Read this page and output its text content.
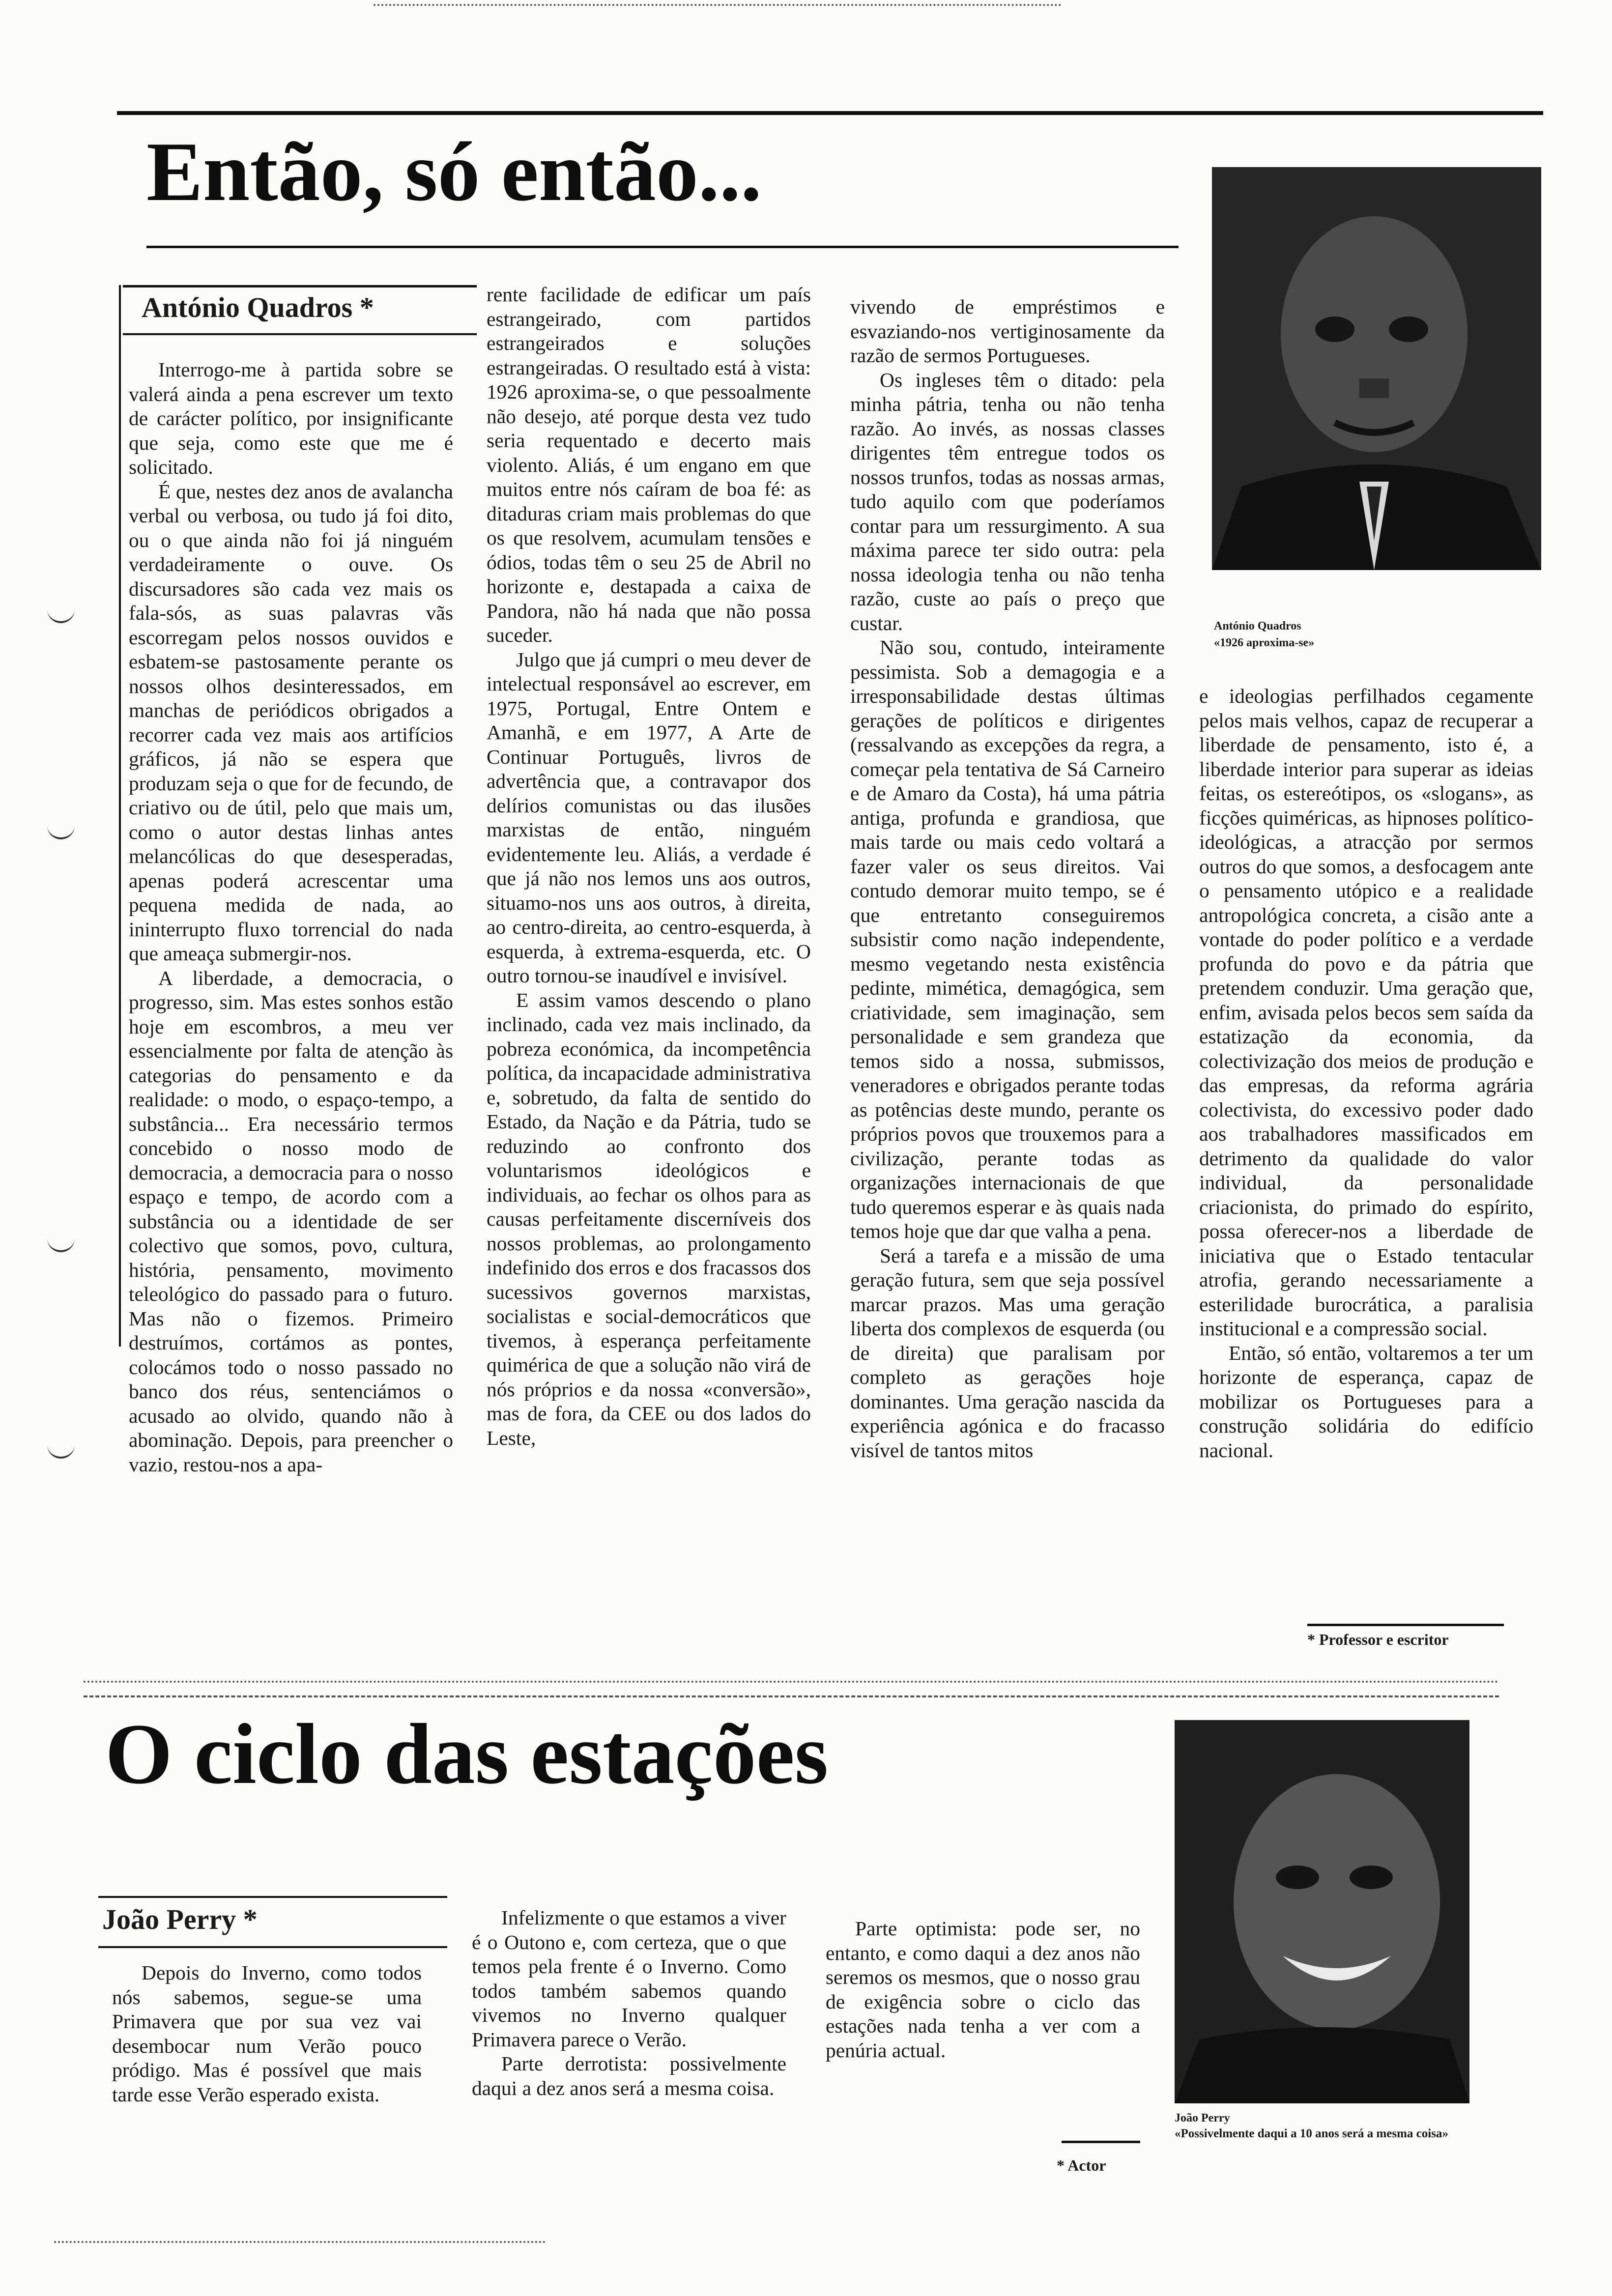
Então, só então...
António Quadros *

Interrogo-me à partida sobre se valerá ainda a pena escrever um texto de carácter político, por insignificante que seja, como este que me é solicitado.

É que, nestes dez anos de avalancha verbal ou verbosa, ou tudo já foi dito, ou o que ainda não foi já ninguém verdadeiramente o ouve. Os discursadores são cada vez mais os fala-sós, as suas palavras vãs escorregam pelos nossos ouvidos e esbatem-se pastosamente perante os nossos olhos desinteressados, em manchas de periódicos obrigados a recorrer cada vez mais aos artifícios gráficos, já não se espera que produzam seja o que for de fecundo, de criativo ou de útil, pelo que mais um, como o autor destas linhas antes melancólicas do que desesperadas, apenas poderá acrescentar uma pequena medida de nada, ao ininterrupto fluxo torrencial do nada que ameaça submergir-nos.

A liberdade, a democracia, o progresso, sim. Mas estes sonhos estão hoje em escombros, a meu ver essencialmente por falta de atenção às categorias do pensamento e da realidade: o modo, o espaço-tempo, a substância... Era necessário termos concebido o nosso modo de democracia, a democracia para o nosso espaço e tempo, de acordo com a substância ou a identidade de ser colectivo que somos, povo, cultura, história, pensamento, movimento teleológico do passado para o futuro. Mas não o fizemos. Primeiro destruímos, cortámos as pontes, colocámos todo o nosso passado no banco dos réus, sentenciámos o acusado ao olvido, quando não à abominação. Depois, para preencher o vazio, restou-nos a apa-

rente facilidade de edificar um país estrangeirado, com partidos estrangeirados e soluções estrangeiradas. O resultado está à vista: 1926 aproxima-se, o que pessoalmente não desejo, até porque desta vez tudo seria requentado e decerto mais violento. Aliás, é um engano em que muitos entre nós caíram de boa fé: as ditaduras criam mais problemas do que os que resolvem, acumulam tensões e ódios, todas têm o seu 25 de Abril no horizonte e, destapada a caixa de Pandora, não há nada que não possa suceder.

Julgo que já cumpri o meu dever de intelectual responsável ao escrever, em 1975, Portugal, Entre Ontem e Amanhã, e em 1977, A Arte de Continuar Português, livros de advertência que, a contravapor dos delírios comunistas ou das ilusões marxistas de então, ninguém evidentemente leu. Aliás, a verdade é que já não nos lemos uns aos outros, situamo-nos uns aos outros, à direita, ao centro-direita, ao centro-esquerda, à esquerda, à extrema-esquerda, etc. O outro tornou-se inaudível e invisível.

E assim vamos descendo o plano inclinado, cada vez mais inclinado, da pobreza económica, da incompetência política, da incapacidade administrativa e, sobretudo, da falta de sentido do Estado, da Nação e da Pátria, tudo se reduzindo ao confronto dos voluntarismos ideológicos e individuais, ao fechar os olhos para as causas perfeitamente discerníveis dos nossos problemas, ao prolongamento indefinido dos erros e dos fracassos dos sucessivos governos marxistas, socialistas e social-democráticos que tivemos, à esperança perfeitamente quimérica de que a solução não virá de nós próprios e da nossa «conversão», mas de fora, da CEE ou dos lados do Leste,

vivendo de empréstimos e esvaziando-nos vertiginosamente da razão de sermos Portugueses.

Os ingleses têm o ditado: pela minha pátria, tenha ou não tenha razão. Ao invés, as nossas classes dirigentes têm entregue todos os nossos trunfos, todas as nossas armas, tudo aquilo com que poderíamos contar para um ressurgimento. A sua máxima parece ter sido outra: pela nossa ideologia tenha ou não tenha razão, custe ao país o preço que custar.

Não sou, contudo, inteiramente pessimista. Sob a demagogia e a irresponsabilidade destas últimas gerações de políticos e dirigentes (ressalvando as excepções da regra, a começar pela tentativa de Sá Carneiro e de Amaro da Costa), há uma pátria antiga, profunda e grandiosa, que mais tarde ou mais cedo voltará a fazer valer os seus direitos. Vai contudo demorar muito tempo, se é que entretanto conseguiremos subsistir como nação independente, mesmo vegetando nesta existência pedinte, mimética, demagógica, sem criatividade, sem imaginação, sem personalidade e sem grandeza que temos sido a nossa, submissos, veneradores e obrigados perante todas as potências deste mundo, perante os próprios povos que trouxemos para a civilização, perante todas as organizações internacionais de que tudo queremos esperar e às quais nada temos hoje que dar que valha a pena.

Será a tarefa e a missão de uma geração futura, sem que seja possível marcar prazos. Mas uma geração liberta dos complexos de esquerda (ou de direita) que paralisam por completo as gerações hoje dominantes. Uma geração nascida da experiência agónica e do fracasso visível de tantos mitos

António Quadros
«1926 aproxima-se»

e ideologias perfilhados cegamente pelos mais velhos, capaz de recuperar a liberdade de pensamento, isto é, a liberdade interior para superar as ideias feitas, os estereótipos, os «slogans», as ficções quiméricas, as hipnoses político-ideológicas, a atracção por sermos outros do que somos, a desfocagem ante o pensamento utópico e a realidade antropológica concreta, a cisão ante a vontade do poder político e a verdade profunda do povo e da pátria que pretendem conduzir. Uma geração que, enfim, avisada pelos becos sem saída da estatização da economia, da colectivização dos meios de produção e das empresas, da reforma agrária colectivista, do excessivo poder dado aos trabalhadores massificados em detrimento da qualidade do valor individual, da personalidade criacionista, do primado do espírito, possa oferecer-nos a liberdade de iniciativa que o Estado tentacular atrofia, gerando necessariamente a esterilidade burocrática, a paralisia institucional e a compressão social.

Então, só então, voltaremos a ter um horizonte de esperança, capaz de mobilizar os Portugueses para a construção solidária do edifício nacional.

* Professor e escritor
O ciclo das estações
João Perry
«Possivelmente daqui a 10 anos será a mesma coisa»
João Perry *

Depois do Inverno, como todos nós sabemos, segue-se uma Primavera que por sua vez vai desembocar num Verão pouco pródigo. Mas é possível que mais tarde esse Verão esperado exista.

Infelizmente o que estamos a viver é o Outono e, com certeza, que o que temos pela frente é o Inverno. Como todos também sabemos quando vivemos no Inverno qualquer Primavera parece o Verão.

Parte derrotista: possivelmente daqui a dez anos será a mesma coisa.

Parte optimista: pode ser, no entanto, e como daqui a dez anos não seremos os mesmos, que o nosso grau de exigência sobre o ciclo das estações nada tenha a ver com a penúria actual.

* Actor
